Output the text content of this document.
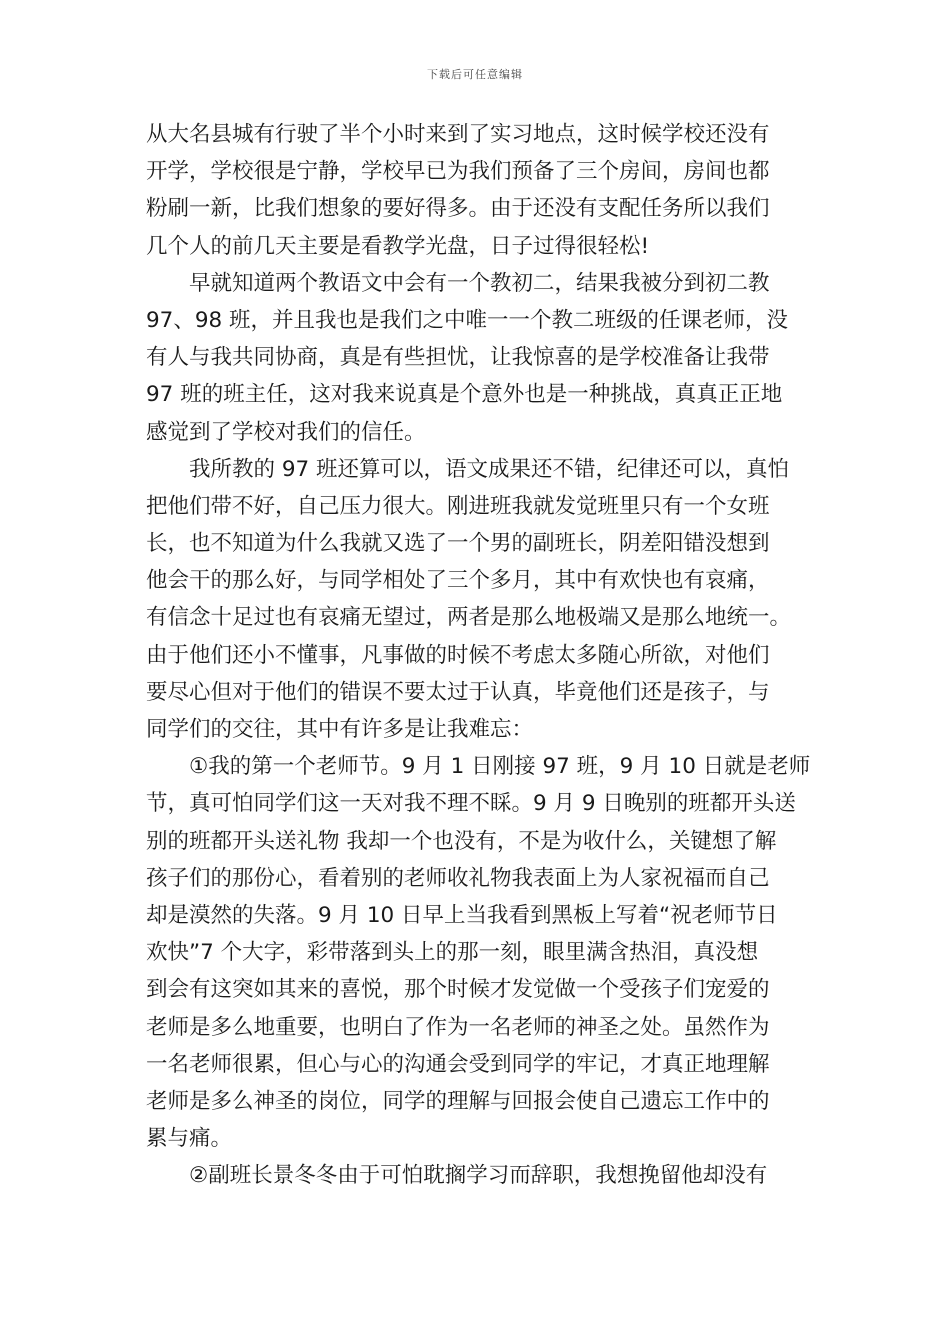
下载后可任意编辑
从大名县城有行驶了半个小时来到了实习地点，这时候学校还没有
开学，学校很是宁静，学校早已为我们预备了三个房间，房间也都
粉刷一新，比我们想象的要好得多。由于还没有支配任务所以我们
几个人的前几天主要是看教学光盘，日子过得很轻松!
早就知道两个教语文中会有一个教初二，结果我被分到初二教
97、98 班，并且我也是我们之中唯一一个教二班级的任课老师，没
有人与我共同协商，真是有些担忧，让我惊喜的是学校准备让我带
97 班的班主任，这对我来说真是个意外也是一种挑战，真真正正地
感觉到了学校对我们的信任。
我所教的 97 班还算可以，语文成果还不错，纪律还可以，真怕
把他们带不好，自己压力很大。刚进班我就发觉班里只有一个女班
长，也不知道为什么我就又选了一个男的副班长，阴差阳错没想到
他会干的那么好，与同学相处了三个多月，其中有欢快也有哀痛，
有信念十足过也有哀痛无望过，两者是那么地极端又是那么地统一。
由于他们还小不懂事，凡事做的时候不考虑太多随心所欲，对他们
要尽心但对于他们的错误不要太过于认真，毕竟他们还是孩子，与
同学们的交往，其中有许多是让我难忘：
①我的第一个老师节。9 月 1 日刚接 97 班，9 月 10 日就是老师
节，真可怕同学们这一天对我不理不睬。9 月 9 日晚别的班都开头送
别的班都开头送礼物 我却一个也没有，不是为收什么，关键想了解
孩子们的那份心，看着别的老师收礼物我表面上为人家祝福而自己
却是漠然的失落。9 月 10 日早上当我看到黑板上写着“祝老师节日
欢快”7 个大字，彩带落到头上的那一刻，眼里满含热泪，真没想
到会有这突如其来的喜悦，那个时候才发觉做一个受孩子们宠爱的
老师是多么地重要，也明白了作为一名老师的神圣之处。虽然作为
一名老师很累，但心与心的沟通会受到同学的牢记，才真正地理解
老师是多么神圣的岗位，同学的理解与回报会使自己遗忘工作中的
累与痛。
②副班长景冬冬由于可怕耽搁学习而辞职，我想挽留他却没有
